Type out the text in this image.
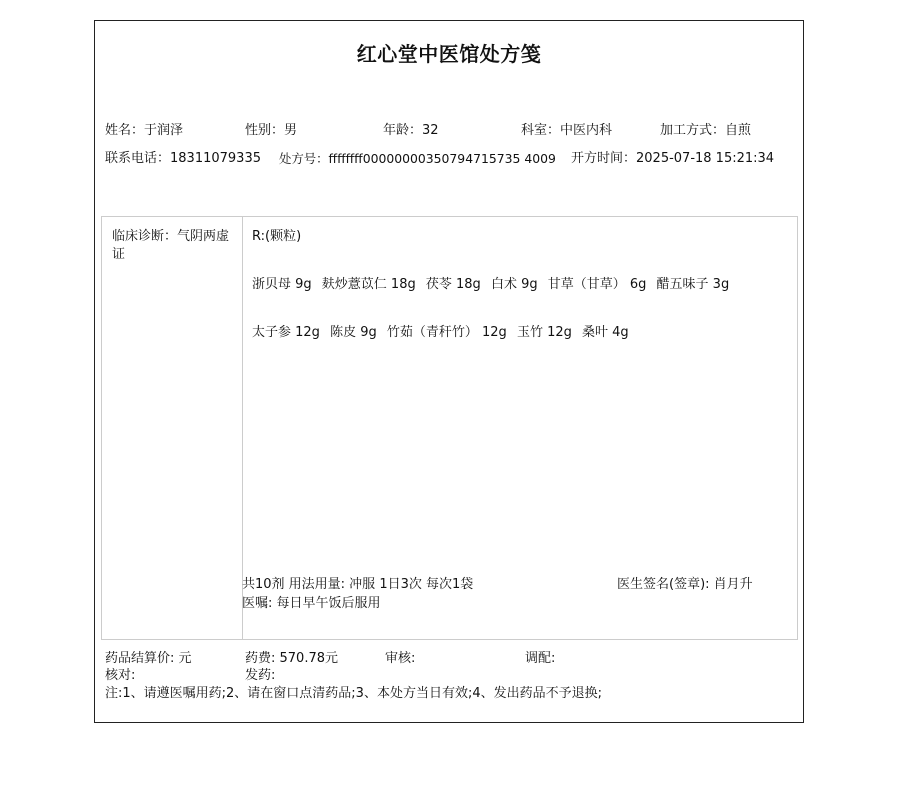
红心堂中医馆处方笺
姓名：于润泽	性别：男	年龄：32	科室：中医内科	加工方式：自煎
联系电话：18311079335 处方号：ffffffff00000000350794715735 4009 开方时间：2025-07-18 15:21:34
临床诊断：气阴两虚证
R:(颗粒)
浙贝母 9g 麸炒薏苡仁 18g 茯苓 18g 白术 9g 甘草（甘草） 6g 醋五味子 3g
太子参 12g 陈皮 9g 竹茹（青秆竹） 12g 玉竹 12g 桑叶 4g
共10剂 用法用量: 冲服 1日3次 每次1袋	医生签名(签章): 肖月升
医嘱: 每日早午饭后服用
药品结算价: 元	药费: 570.78元	审核:	调配:
核对:	发药:
注:1、请遵医嘱用药;2、请在窗口点清药品;3、本处方当日有效;4、发出药品不予退换;
